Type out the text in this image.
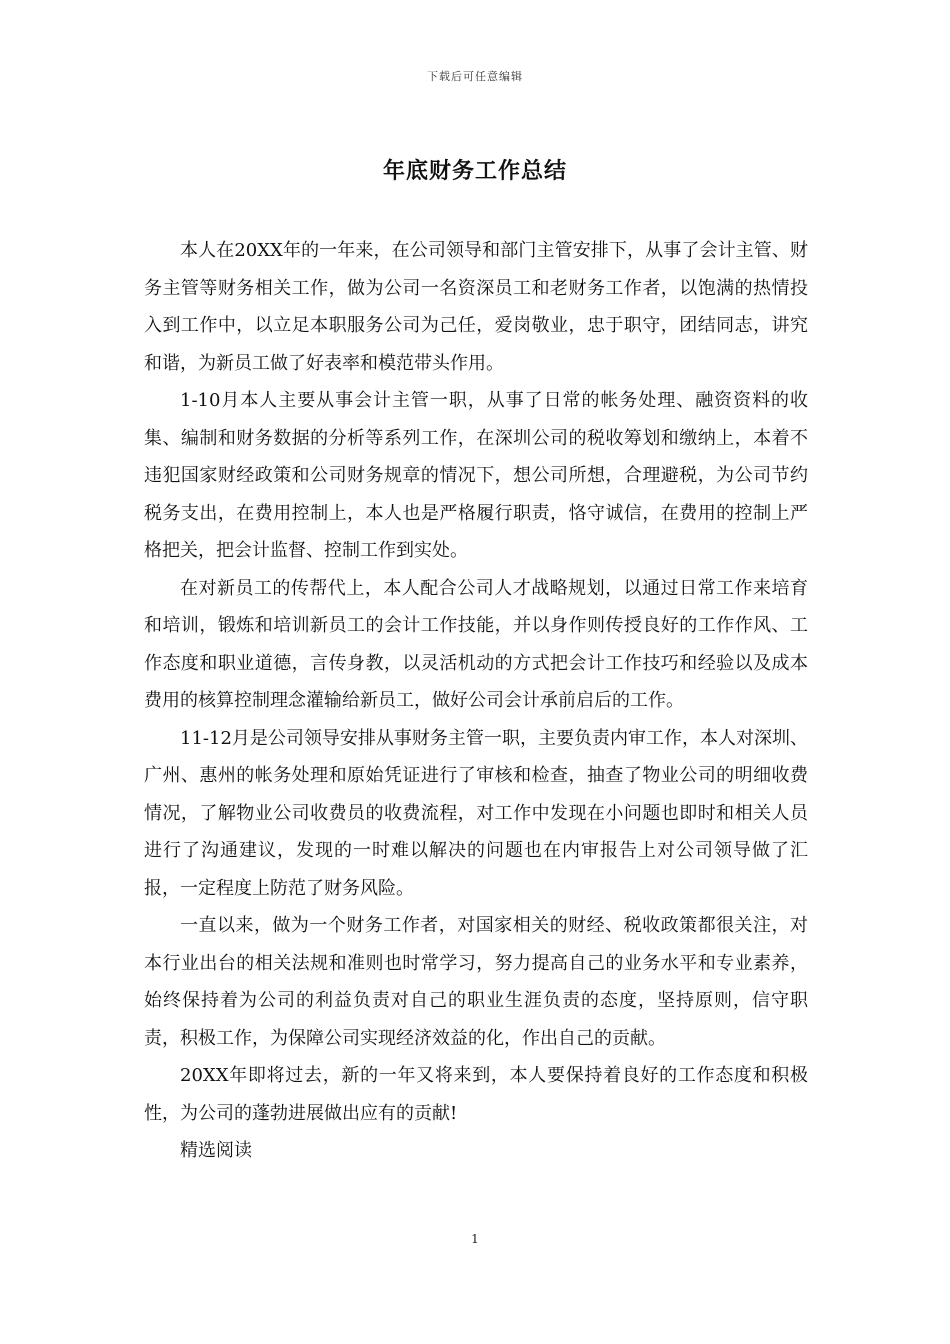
下载后可任意编辑
年底财务工作总结

本人在20XX年的一年来，在公司领导和部门主管安排下，从事了会计主管、财务主管等财务相关工作，做为公司一名资深员工和老财务工作者，以饱满的热情投入到工作中，以立足本职服务公司为己任，爱岗敬业，忠于职守，团结同志，讲究和谐，为新员工做了好表率和模范带头作用。

1-10月本人主要从事会计主管一职，从事了日常的帐务处理、融资资料的收集、编制和财务数据的分析等系列工作，在深圳公司的税收筹划和缴纳上，本着不违犯国家财经政策和公司财务规章的情况下，想公司所想，合理避税，为公司节约税务支出，在费用控制上，本人也是严格履行职责，恪守诚信，在费用的控制上严格把关，把会计监督、控制工作到实处。

在对新员工的传帮代上，本人配合公司人才战略规划，以通过日常工作来培育和培训，锻炼和培训新员工的会计工作技能，并以身作则传授良好的工作作风、工作态度和职业道德，言传身教，以灵活机动的方式把会计工作技巧和经验以及成本费用的核算控制理念灌输给新员工，做好公司会计承前启后的工作。

11-12月是公司领导安排从事财务主管一职，主要负责内审工作，本人对深圳、广州、惠州的帐务处理和原始凭证进行了审核和检查，抽查了物业公司的明细收费情况，了解物业公司收费员的收费流程，对工作中发现在小问题也即时和相关人员进行了沟通建议，发现的一时难以解决的问题也在内审报告上对公司领导做了汇报，一定程度上防范了财务风险。

一直以来，做为一个财务工作者，对国家相关的财经、税收政策都很关注，对本行业出台的相关法规和准则也时常学习，努力提高自己的业务水平和专业素养，始终保持着为公司的利益负责对自己的职业生涯负责的态度，坚持原则，信守职责，积极工作，为保障公司实现经济效益的化，作出自己的贡献。

20XX年即将过去，新的一年又将来到，本人要保持着良好的工作态度和积极性，为公司的蓬勃进展做出应有的贡献!

精选阅读

1
